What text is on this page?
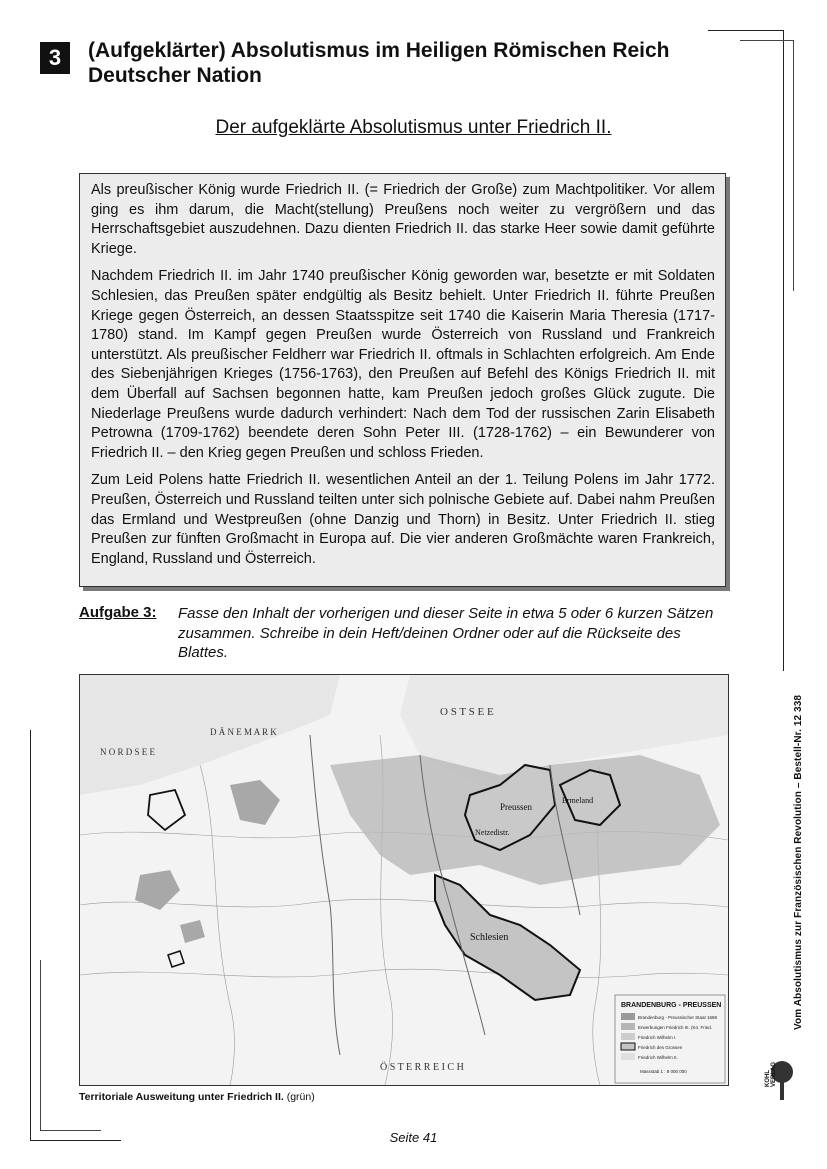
3	(Aufgeklärter) Absolutismus im Heiligen Römischen Reich
Deutscher Nation
Der aufgeklärte Absolutismus unter Friedrich II.

Als preußischer König wurde Friedrich II. (= Friedrich der Große) zum Machtpolitiker. Vor allem ging es ihm darum, die Macht(stellung) Preußens noch weiter zu vergrößern und das Herrschaftsgebiet auszudehnen. Dazu dienten Friedrich II. das starke Heer sowie damit geführte Kriege.

Nachdem Friedrich II. im Jahr 1740 preußischer König geworden war, besetzte er mit Soldaten Schlesien, das Preußen später endgültig als Besitz behielt. Unter Friedrich II. führte Preußen Kriege gegen Österreich, an dessen Staatsspitze seit 1740 die Kaiserin Maria Theresia (1717-1780) stand. Im Kampf gegen Preußen wurde Österreich von Russland und Frankreich unterstützt. Als preußischer Feldherr war Friedrich II. oftmals in Schlachten erfolgreich. Am Ende des Siebenjährigen Krieges (1756-1763), den Preußen auf Befehl des Königs Friedrich II. mit dem Überfall auf Sachsen begonnen hatte, kam Preußen jedoch großes Glück zugute. Die Niederlage Preußens wurde dadurch verhindert: Nach dem Tod der russischen Zarin Elisabeth Petrowna (1709-1762) beendete deren Sohn Peter III. (1728-1762) – ein Bewunderer von Friedrich II. – den Krieg gegen Preußen und schloss Frieden.

Zum Leid Polens hatte Friedrich II. wesentlichen Anteil an der 1. Teilung Polens im Jahr 1772. Preußen, Österreich und Russland teilten unter sich polnische Gebiete auf. Dabei nahm Preußen das Ermland und Westpreußen (ohne Danzig und Thorn) in Besitz. Unter Friedrich II. stieg Preußen zur fünften Großmacht in Europa auf. Die vier anderen Großmächte waren Frankreich, England, Russland und Österreich.

Aufgabe 3: Fasse den Inhalt der vorherigen und dieser Seite in etwa 5 oder 6 kurzen Sätzen zusammen. Schreibe in dein Heft/deinen Ordner oder auf die Rückseite des Blattes.
O S T S E E
N O R D S E E
D Ä N E M A R K
Preussen
Netzedistr.
Ermeland
Schlesien
Ö S T E R R E I C H
BRANDENBURG - PREUSSEN
Brandenburg - Preussischer Staat 1688
Erwerbungen Friedrich III. (Kö. Fried.
Friedrich Wilhelm I.
Friedrich des Grossen
Friedrich Wilhelm II.
Massstab 1 : 8 000 000
Territoriale Ausweitung unter Friedrich II. (grün)
Vom Absolutismus zur Französischen Revolution – Bestell-Nr. 12 338
KOHL VERLAG
Seite 41
